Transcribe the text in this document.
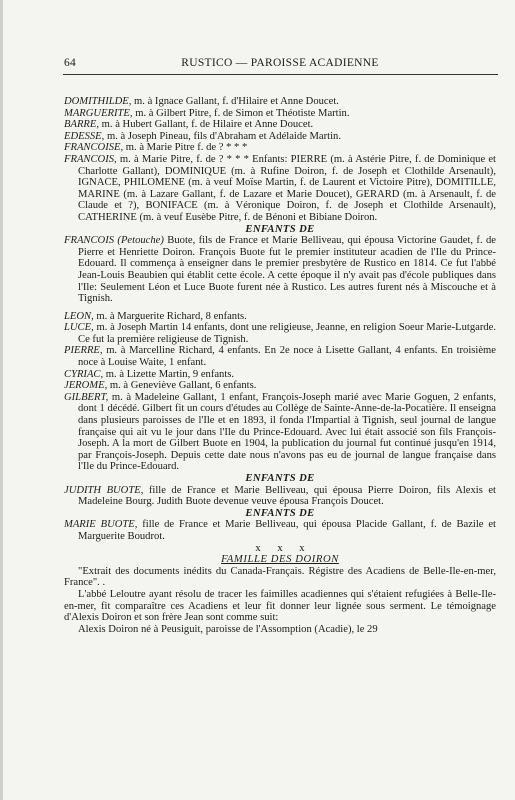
64	RUSTICO — PAROISSE ACADIENNE

DOMITHILDE, m. à Ignace Gallant, f. d'Hilaire et Anne Doucet.

MARGUERITE, m. à Gilbert Pitre, f. de Simon et Théotiste Martin.

BARRE, m. à Hubert Gallant, f. de Hilaire et Anne Doucet.

EDESSE, m. à Joseph Pineau, fils d'Abraham et Adélaide Martin.

FRANCOISE, m. à Marie Pitre f. de ? * * *

FRANCOIS, m. à Marie Pitre, f. de ? * * * Enfants: PIERRE (m. à Astérie Pitre, f. de Dominique et Charlotte Gallant), DOMINIQUE (m. à Rufine Doiron, f. de Joseph et Clothilde Arsenault), IGNACE, PHILOMENE (m. à veuf Moïse Martin, f. de Laurent et Victoire Pitre), DOMITILLE, MARINE (m. à Lazare Gallant, f. de Lazare et Marie Doucet), GERARD (m. à Arsenault, f. de Claude et ?), BONIFACE (m. à Véronique Doiron, f. de Joseph et Clothilde Arsenault), CATHERINE (m. à veuf Eusèbe Pitre, f. de Bénoni et Bibiane Doiron.

ENFANTS DE

FRANCOIS (Petouche) Buote, fils de France et Marie Belliveau, qui épousa Victorine Gaudet, f. de Pierre et Henriette Doiron. François Buote fut le premier instituteur acadien de l'Ile du Prince-Edouard. Il commença à enseigner dans le premier presbytère de Rustico en 1814. Ce fut l'abbé Jean-Louis Beaubien qui établit cette école. A cette époque il n'y avait pas d'école publiques dans l'Ile: Seulement Léon et Luce Buote furent née à Rustico. Les autres furent nés à Miscouche et à Tignish.

LEON, m. à Marguerite Richard, 8 enfants.

LUCE, m. à Joseph Martin 14 enfants, dont une religieuse, Jeanne, en religion Soeur Marie-Lutgarde. Ce fut la première religieuse de Tignish.

PIERRE, m. à Marcelline Richard, 4 enfants. En 2e noce à Lisette Gallant, 4 enfants. En troisième noce à Louise Waite, 1 enfant.

CYRIAC, m. à Lizette Martin, 9 enfants.

JEROME, m. à Geneviève Gallant, 6 enfants.

GILBERT, m. à Madeleine Gallant, 1 enfant, François-Joseph marié avec Marie Goguen, 2 enfants, dont 1 décédé. Gilbert fit un cours d'études au Collège de Sainte-Anne-de-la-Pocatière. Il enseigna dans plusieurs paroisses de l'Ile et en 1893, il fonda l'Impartial à Tignish, seul journal de langue française qui ait vu le jour dans l'Ile du Prince-Edouard. Avec lui était associé son fils François-Joseph. A la mort de Gilbert Buote en 1904, la publication du journal fut continué jusqu'en 1914, par François-Joseph. Depuis cette date nous n'avons pas eu de journal de langue française dans l'Ile du Prince-Edouard.

ENFANTS DE

JUDITH BUOTE, fille de France et Marie Belliveau, qui épousa Pierre Doiron, fils Alexis et Madeleine Bourg. Judith Buote devenue veuve épousa François Doucet.

ENFANTS DE

MARIE BUOTE, fille de France et Marie Belliveau, qui épousa Placide Gallant, f. de Bazile et Marguerite Boudrot.

x x x

FAMILLE DES DOIRON

"Extrait des documents inédits du Canada-Français. Régistre des Acadiens de Belle-Ile-en-mer, France". .

L'abbé Leloutre ayant résolu de tracer les faimilles acadiennes qui s'étaient refugiées à Belle-Ile-en-mer, fit comparaître ces Acadiens et leur fit donner leur lignée sous serment. Le témoignage d'Alexis Doiron et son frère Jean sont comme suit:

Alexis Doiron né à Peusiguit, paroisse de l'Assomption (Acadie), le 29
